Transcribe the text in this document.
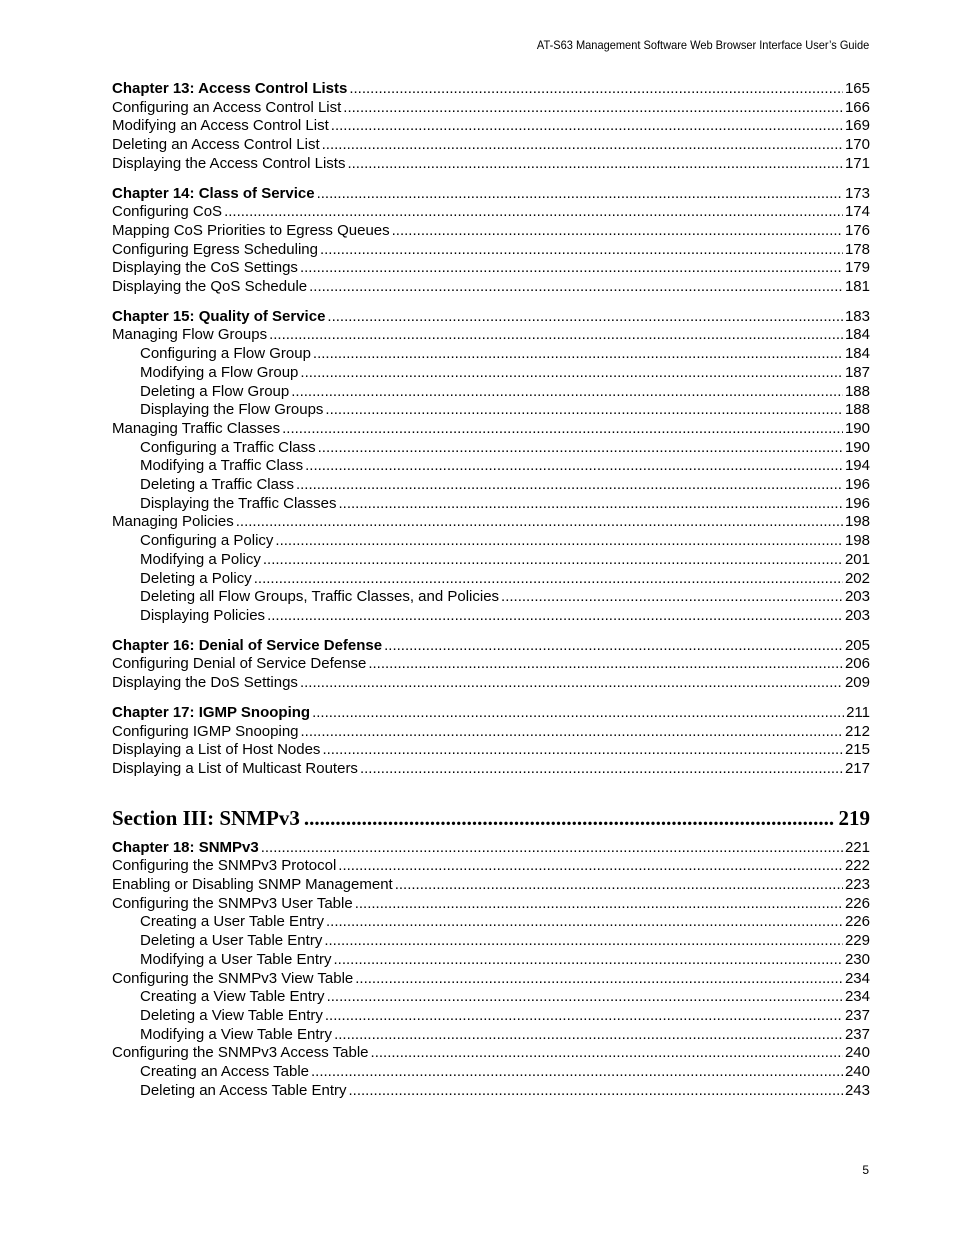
AT-S63 Management Software Web Browser Interface User’s Guide
Chapter 13: Access Control Lists .....	165
Configuring an Access Control List .....	166
Modifying an Access Control List .....	169
Deleting an Access Control List .....	170
Displaying the Access Control Lists .....	171
Chapter 14: Class of Service .....	173
Configuring CoS .....	174
Mapping CoS Priorities to Egress Queues .....	176
Configuring Egress Scheduling .....	178
Displaying the CoS Settings .....	179
Displaying the QoS Schedule .....	181
Chapter 15: Quality of Service .....	183
Managing Flow Groups .....	184
Configuring a Flow Group .....	184
Modifying a Flow Group .....	187
Deleting a Flow Group .....	188
Displaying the Flow Groups .....	188
Managing Traffic Classes .....	190
Configuring a Traffic Class .....	190
Modifying a Traffic Class .....	194
Deleting a Traffic Class .....	196
Displaying the Traffic Classes .....	196
Managing Policies .....	198
Configuring a Policy .....	198
Modifying a Policy .....	201
Deleting a Policy .....	202
Deleting all Flow Groups, Traffic Classes, and Policies .....	203
Displaying Policies .....	203
Chapter 16: Denial of Service Defense .....	205
Configuring Denial of Service Defense .....	206
Displaying the DoS Settings .....	209
Chapter 17: IGMP Snooping .....	211
Configuring IGMP Snooping .....	212
Displaying a List of Host Nodes .....	215
Displaying a List of Multicast Routers .....	217
Section III: SNMPv3 .....	219
Chapter 18: SNMPv3 .....	221
Configuring the SNMPv3 Protocol .....	222
Enabling or Disabling SNMP Management .....	223
Configuring the SNMPv3 User Table .....	226
Creating a User Table Entry .....	226
Deleting a User Table Entry .....	229
Modifying a User Table Entry .....	230
Configuring the SNMPv3 View Table .....	234
Creating a View Table Entry .....	234
Deleting a View Table Entry .....	237
Modifying a View Table Entry .....	237
Configuring the SNMPv3 Access Table .....	240
Creating an Access Table .....	240
Deleting an Access Table Entry .....	243
5
